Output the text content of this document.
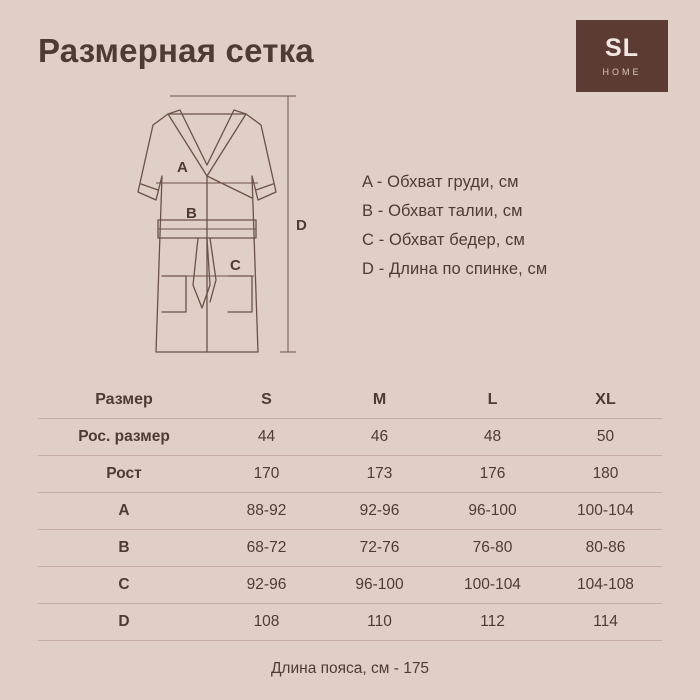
Размерная сетка	SL
HOME
A
B
C
D
A - Обхват груди, см
B - Обхват талии, см
C - Обхват бедер, см
D - Длина по спинке, см
Размер	S	M	L	XL
Рос. размер	44	46	48	50
Рост	170	173	176	180
A	88-92	92-96	96-100	100-104
B	68-72	72-76	76-80	80-86
C	92-96	96-100	100-104	104-108
D	108	110	112	114
Длина пояса, см - 175
